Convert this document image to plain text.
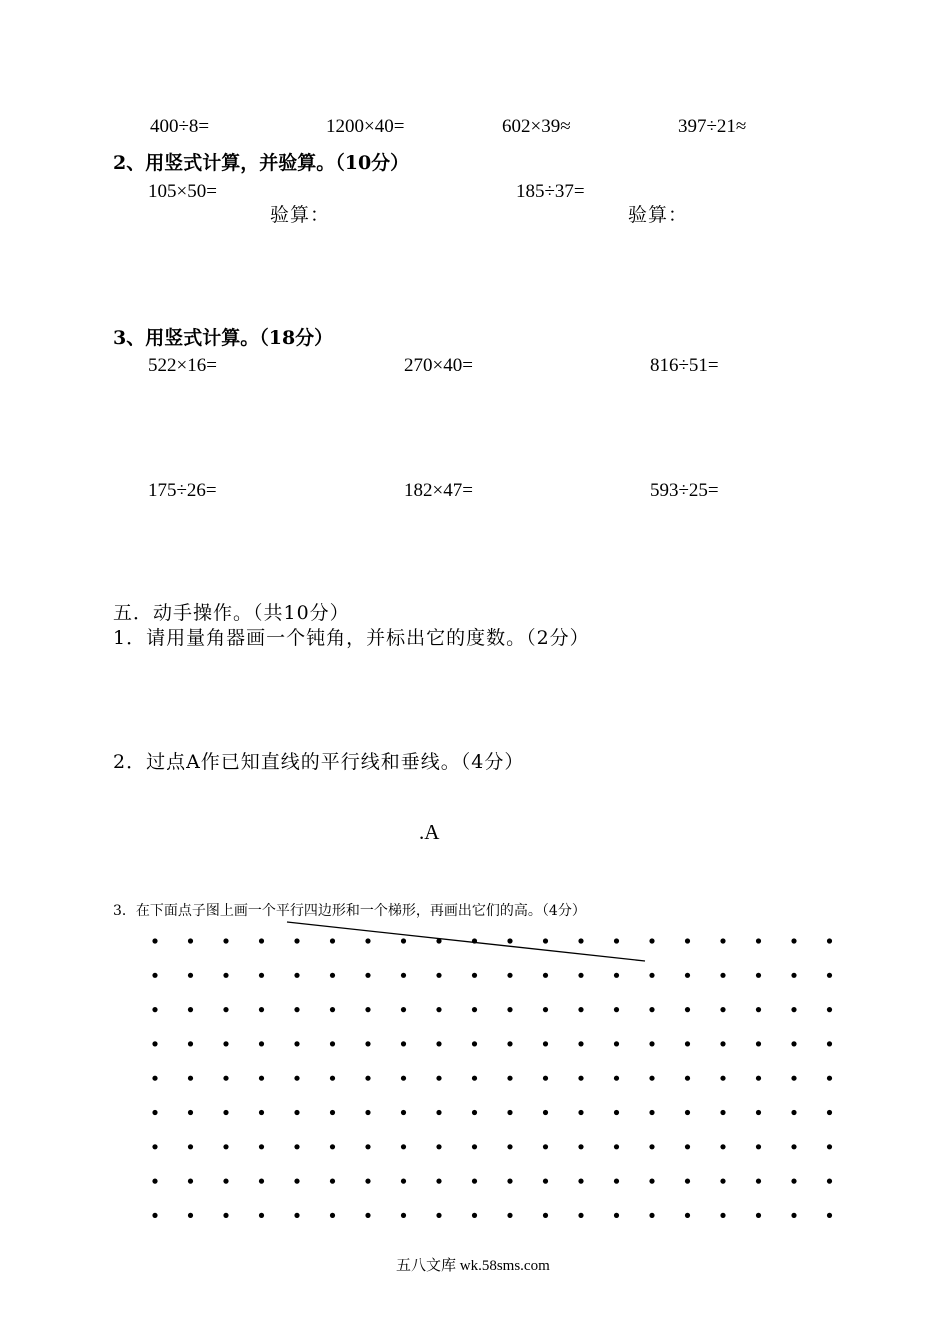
400÷8=	1200×40=	602×39≈	397÷21≈
2、用竖式计算，并验算。（10分）
105×50=	185÷37=
验算：	验算：
3、用竖式计算。（18分）
522×16=	270×40=	816÷51=
175÷26=	182×47=	593÷25=
五．动手操作。（共10分）
1．请用量角器画一个钝角，并标出它的度数。（2分）
2．过点A作已知直线的平行线和垂线。（4分）
.A
3．在下面点子图上画一个平行四边形和一个梯形，再画出它们的高。（4分）
五八文库 wk.58sms.com
